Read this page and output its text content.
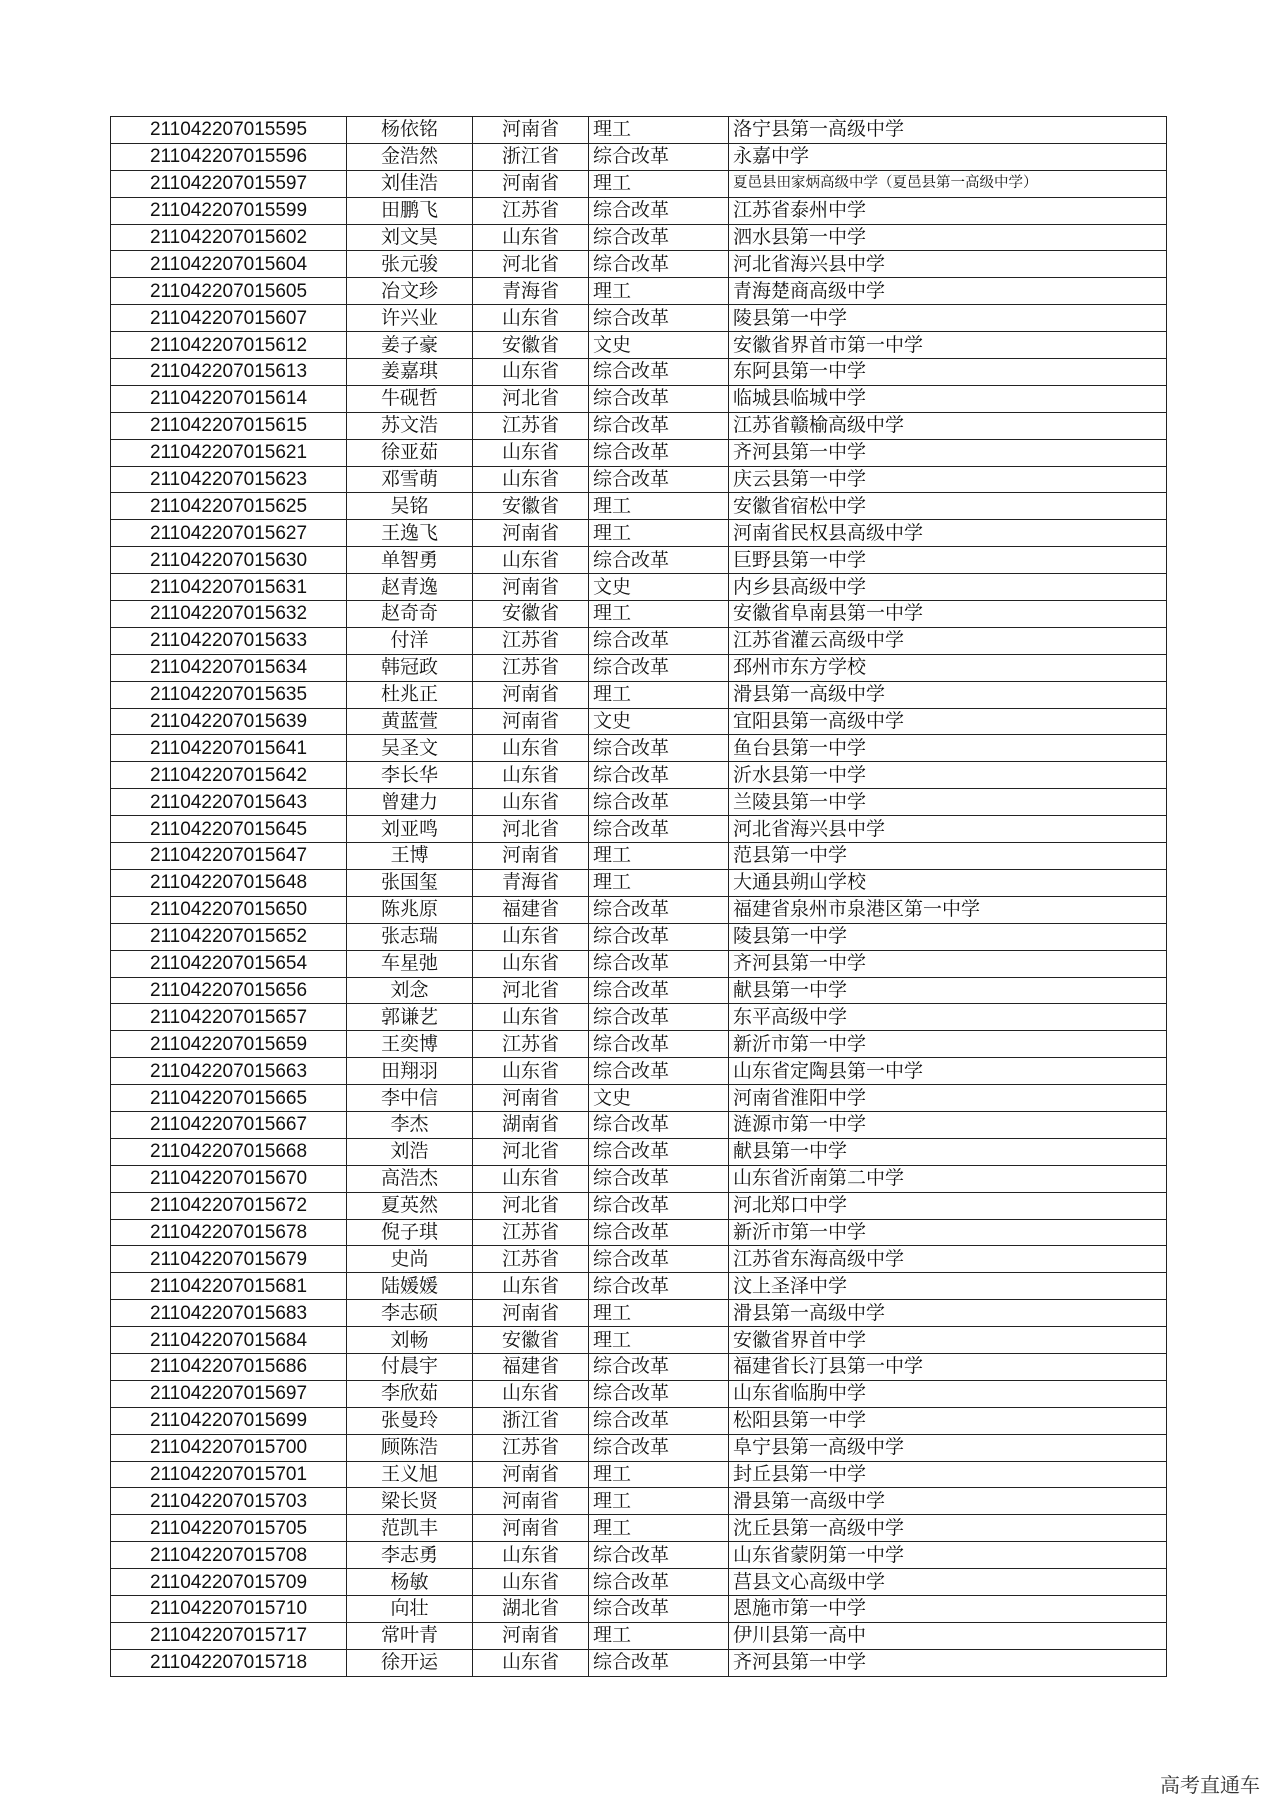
211042207015595	杨依铭	河南省	理工	洛宁县第一高级中学
211042207015596	金浩然	浙江省	综合改革	永嘉中学
211042207015597	刘佳浩	河南省	理工	夏邑县田家炳高级中学（夏邑县第一高级中学）
211042207015599	田鹏飞	江苏省	综合改革	江苏省泰州中学
211042207015602	刘文昊	山东省	综合改革	泗水县第一中学
211042207015604	张元骏	河北省	综合改革	河北省海兴县中学
211042207015605	冶文珍	青海省	理工	青海楚商高级中学
211042207015607	许兴业	山东省	综合改革	陵县第一中学
211042207015612	姜子豪	安徽省	文史	安徽省界首市第一中学
211042207015613	姜嘉琪	山东省	综合改革	东阿县第一中学
211042207015614	牛砚哲	河北省	综合改革	临城县临城中学
211042207015615	苏文浩	江苏省	综合改革	江苏省赣榆高级中学
211042207015621	徐亚茹	山东省	综合改革	齐河县第一中学
211042207015623	邓雪萌	山东省	综合改革	庆云县第一中学
211042207015625	吴铭	安徽省	理工	安徽省宿松中学
211042207015627	王逸飞	河南省	理工	河南省民权县高级中学
211042207015630	单智勇	山东省	综合改革	巨野县第一中学
211042207015631	赵青逸	河南省	文史	内乡县高级中学
211042207015632	赵奇奇	安徽省	理工	安徽省阜南县第一中学
211042207015633	付洋	江苏省	综合改革	江苏省灌云高级中学
211042207015634	韩冠政	江苏省	综合改革	邳州市东方学校
211042207015635	杜兆正	河南省	理工	滑县第一高级中学
211042207015639	黄蓝萱	河南省	文史	宜阳县第一高级中学
211042207015641	吴圣文	山东省	综合改革	鱼台县第一中学
211042207015642	李长华	山东省	综合改革	沂水县第一中学
211042207015643	曾建力	山东省	综合改革	兰陵县第一中学
211042207015645	刘亚鸣	河北省	综合改革	河北省海兴县中学
211042207015647	王博	河南省	理工	范县第一中学
211042207015648	张国玺	青海省	理工	大通县朔山学校
211042207015650	陈兆原	福建省	综合改革	福建省泉州市泉港区第一中学
211042207015652	张志瑞	山东省	综合改革	陵县第一中学
211042207015654	车星弛	山东省	综合改革	齐河县第一中学
211042207015656	刘念	河北省	综合改革	献县第一中学
211042207015657	郭谦艺	山东省	综合改革	东平高级中学
211042207015659	王奕博	江苏省	综合改革	新沂市第一中学
211042207015663	田翔羽	山东省	综合改革	山东省定陶县第一中学
211042207015665	李中信	河南省	文史	河南省淮阳中学
211042207015667	李杰	湖南省	综合改革	涟源市第一中学
211042207015668	刘浩	河北省	综合改革	献县第一中学
211042207015670	高浩杰	山东省	综合改革	山东省沂南第二中学
211042207015672	夏英然	河北省	综合改革	河北郑口中学
211042207015678	倪子琪	江苏省	综合改革	新沂市第一中学
211042207015679	史尚	江苏省	综合改革	江苏省东海高级中学
211042207015681	陆媛媛	山东省	综合改革	汶上圣泽中学
211042207015683	李志硕	河南省	理工	滑县第一高级中学
211042207015684	刘畅	安徽省	理工	安徽省界首中学
211042207015686	付晨宇	福建省	综合改革	福建省长汀县第一中学
211042207015697	李欣茹	山东省	综合改革	山东省临朐中学
211042207015699	张曼玲	浙江省	综合改革	松阳县第一中学
211042207015700	顾陈浩	江苏省	综合改革	阜宁县第一高级中学
211042207015701	王义旭	河南省	理工	封丘县第一中学
211042207015703	梁长贤	河南省	理工	滑县第一高级中学
211042207015705	范凯丰	河南省	理工	沈丘县第一高级中学
211042207015708	李志勇	山东省	综合改革	山东省蒙阴第一中学
211042207015709	杨敏	山东省	综合改革	莒县文心高级中学
211042207015710	向壮	湖北省	综合改革	恩施市第一中学
211042207015717	常叶青	河南省	理工	伊川县第一高中
211042207015718	徐开运	山东省	综合改革	齐河县第一中学
高考直通车
